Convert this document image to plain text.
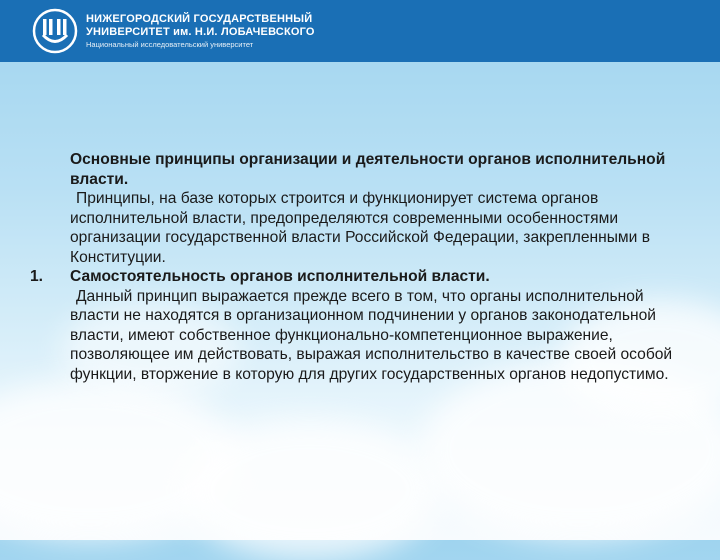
НИЖЕГОРОДСКИЙ ГОСУДАРСТВЕННЫЙ
УНИВЕРСИТЕТ им. Н.И. ЛОБАЧЕВСКОГО
Национальный исследовательский университет

Основные принципы организации и деятельности органов исполнительной власти.

Принципы, на базе которых строится и функционирует система органов исполнительной власти, предопределяются современными особенностями организации государственной власти Российской Федерации, закрепленными в Конституции.

1. Самостоятельность органов исполнительной власти.

Данный принцип выражается прежде всего в том, что органы исполнительной власти не находятся в организационном подчинении у органов законодательной власти, имеют собственное функционально-компетенционное выражение, позволяющее им действовать, выражая исполнительство в качестве своей особой функции, вторжение в которую для других государственных органов недопустимо.
